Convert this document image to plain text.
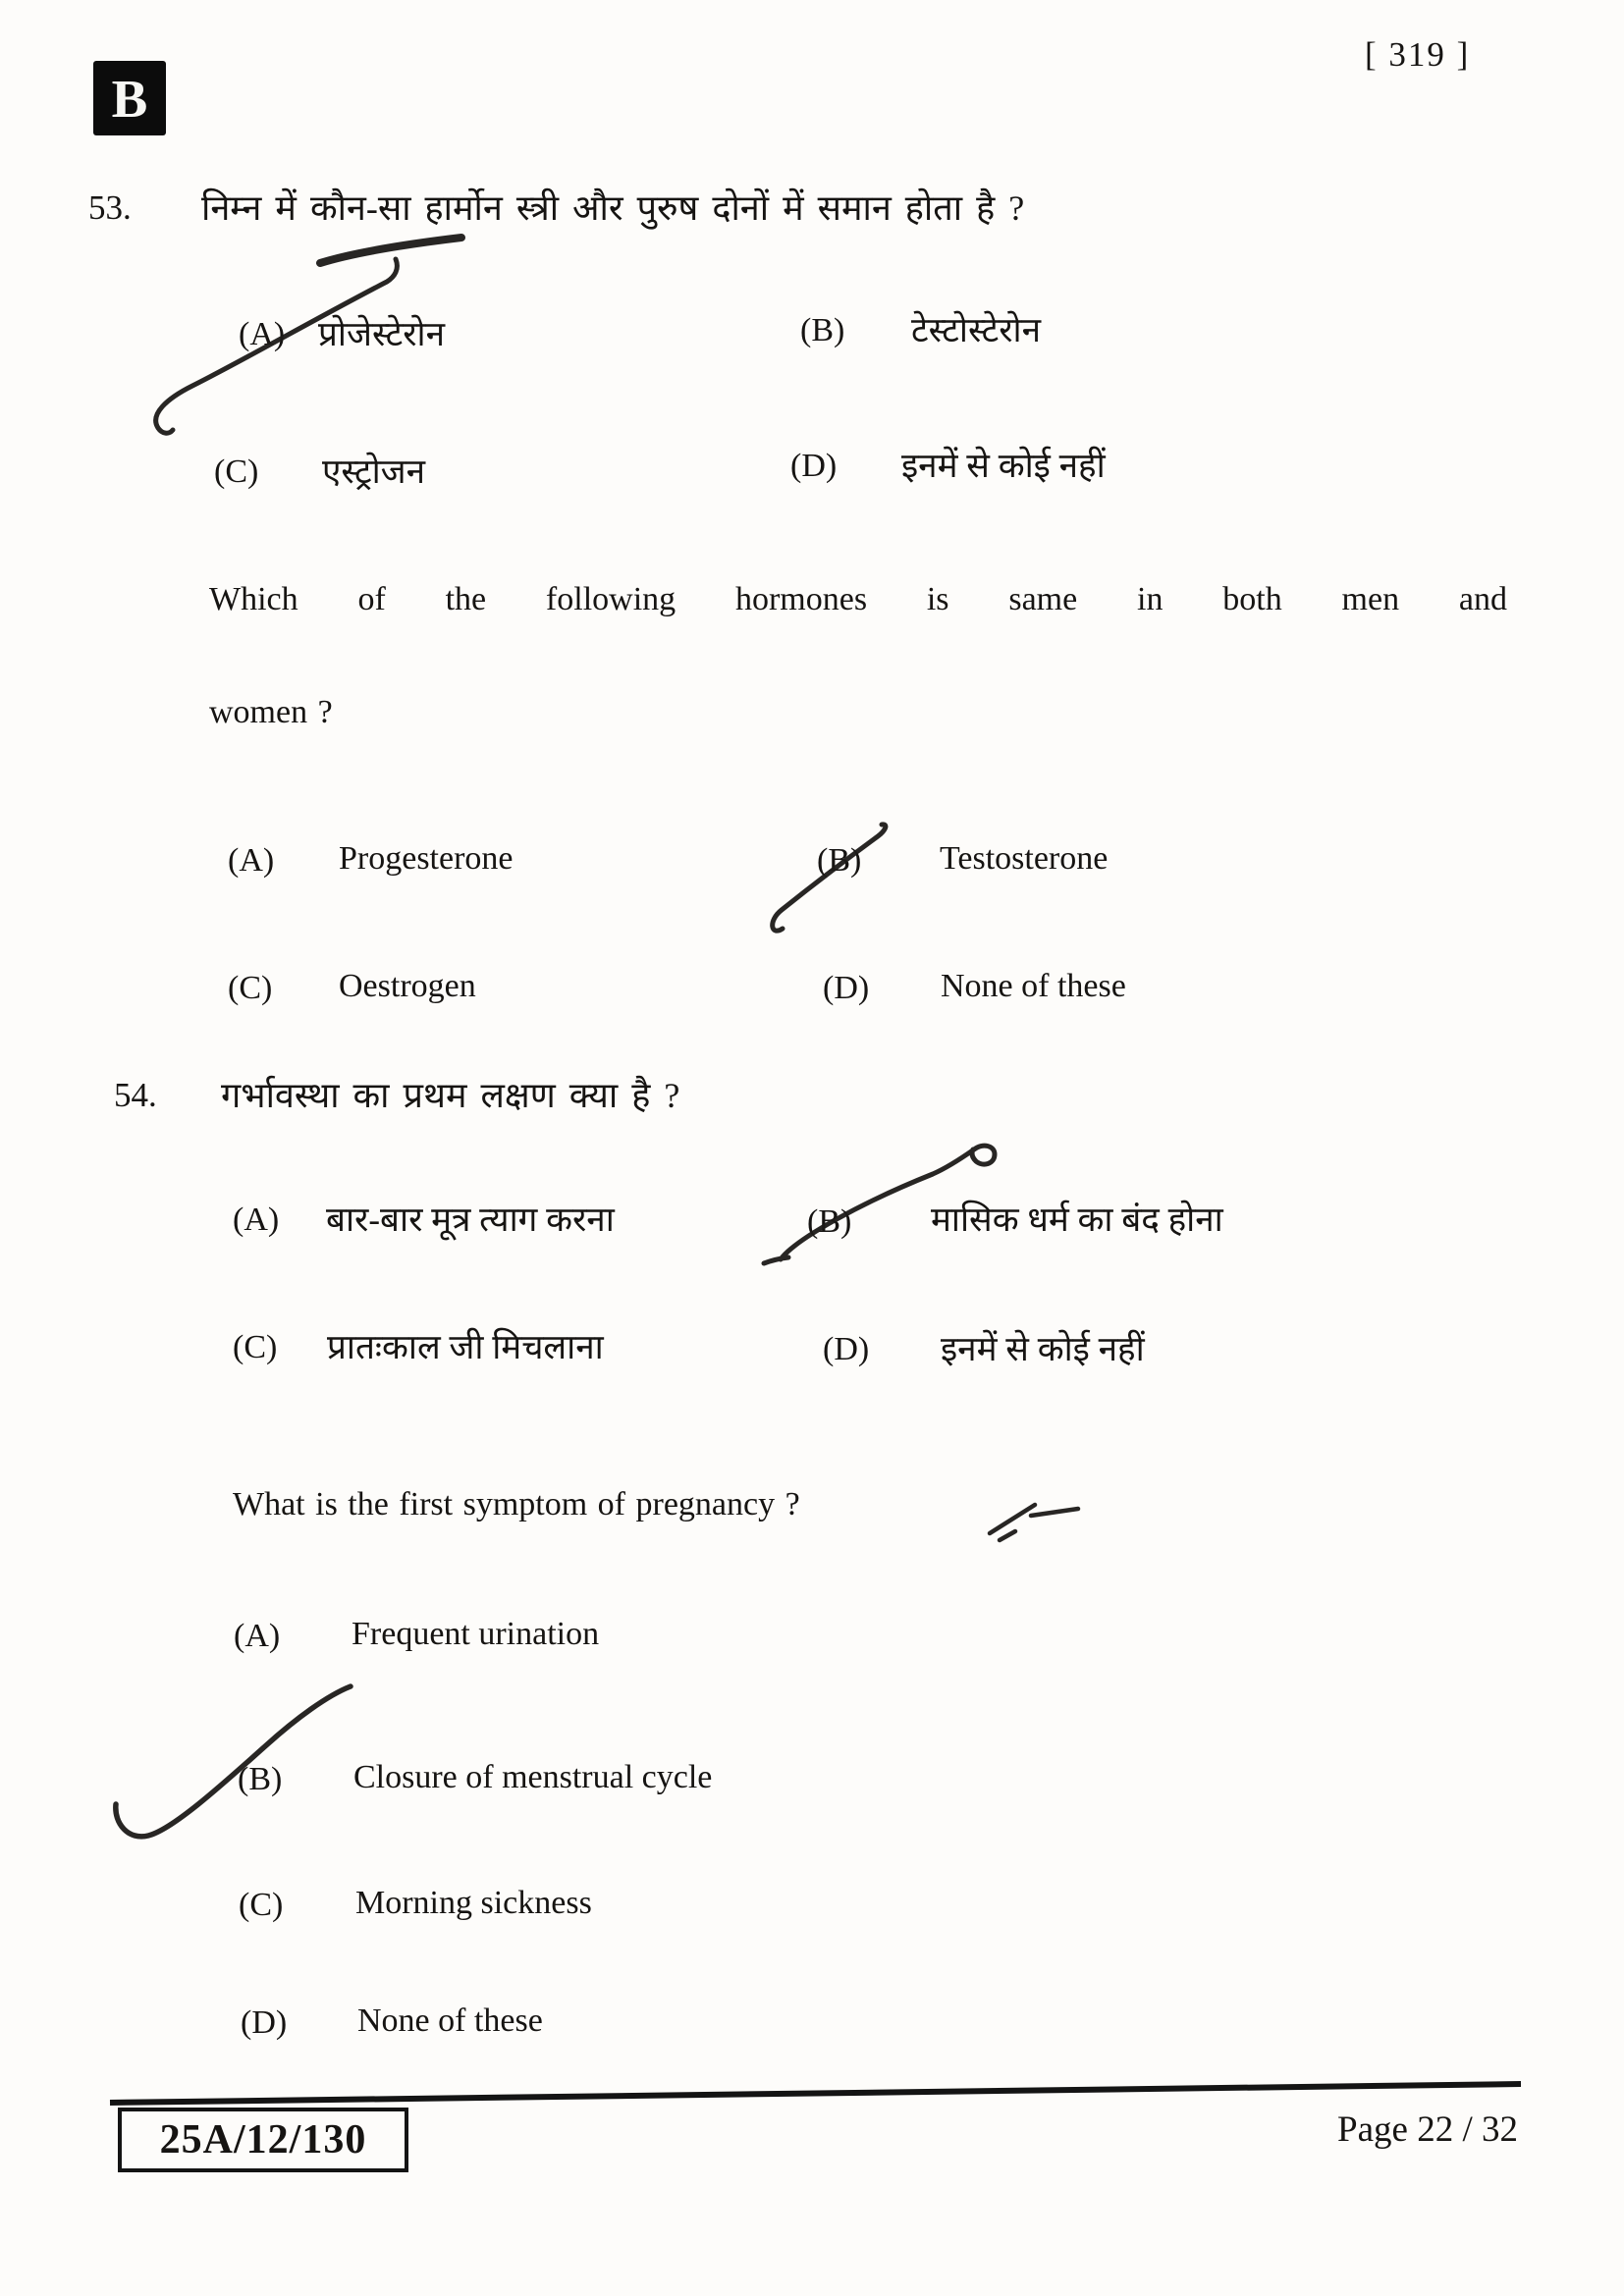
B
[ 319 ]
53. निम्न में कौन-सा हार्मोन स्त्री और पुरुष दोनों में समान होता है ?
(A) प्रोजेस्टेरोन	(B) टेस्टोस्टेरोन
(C) एस्ट्रोजन	(D) इनमें से कोई नहीं
Which of the following hormones is same in both men and
women ?
(A) Progesterone	(B) Testosterone
(C) Oestrogen	(D) None of these
54. गर्भावस्था का प्रथम लक्षण क्या है ?
(A) बार-बार मूत्र त्याग करना	(B) मासिक धर्म का बंद होना
(C) प्रातःकाल जी मिचलाना	(D) इनमें से कोई नहीं
What is the first symptom of pregnancy ?
(A) Frequent urination
(B) Closure of menstrual cycle
(C) Morning sickness
(D) None of these
25A/12/130	Page 22 / 32
